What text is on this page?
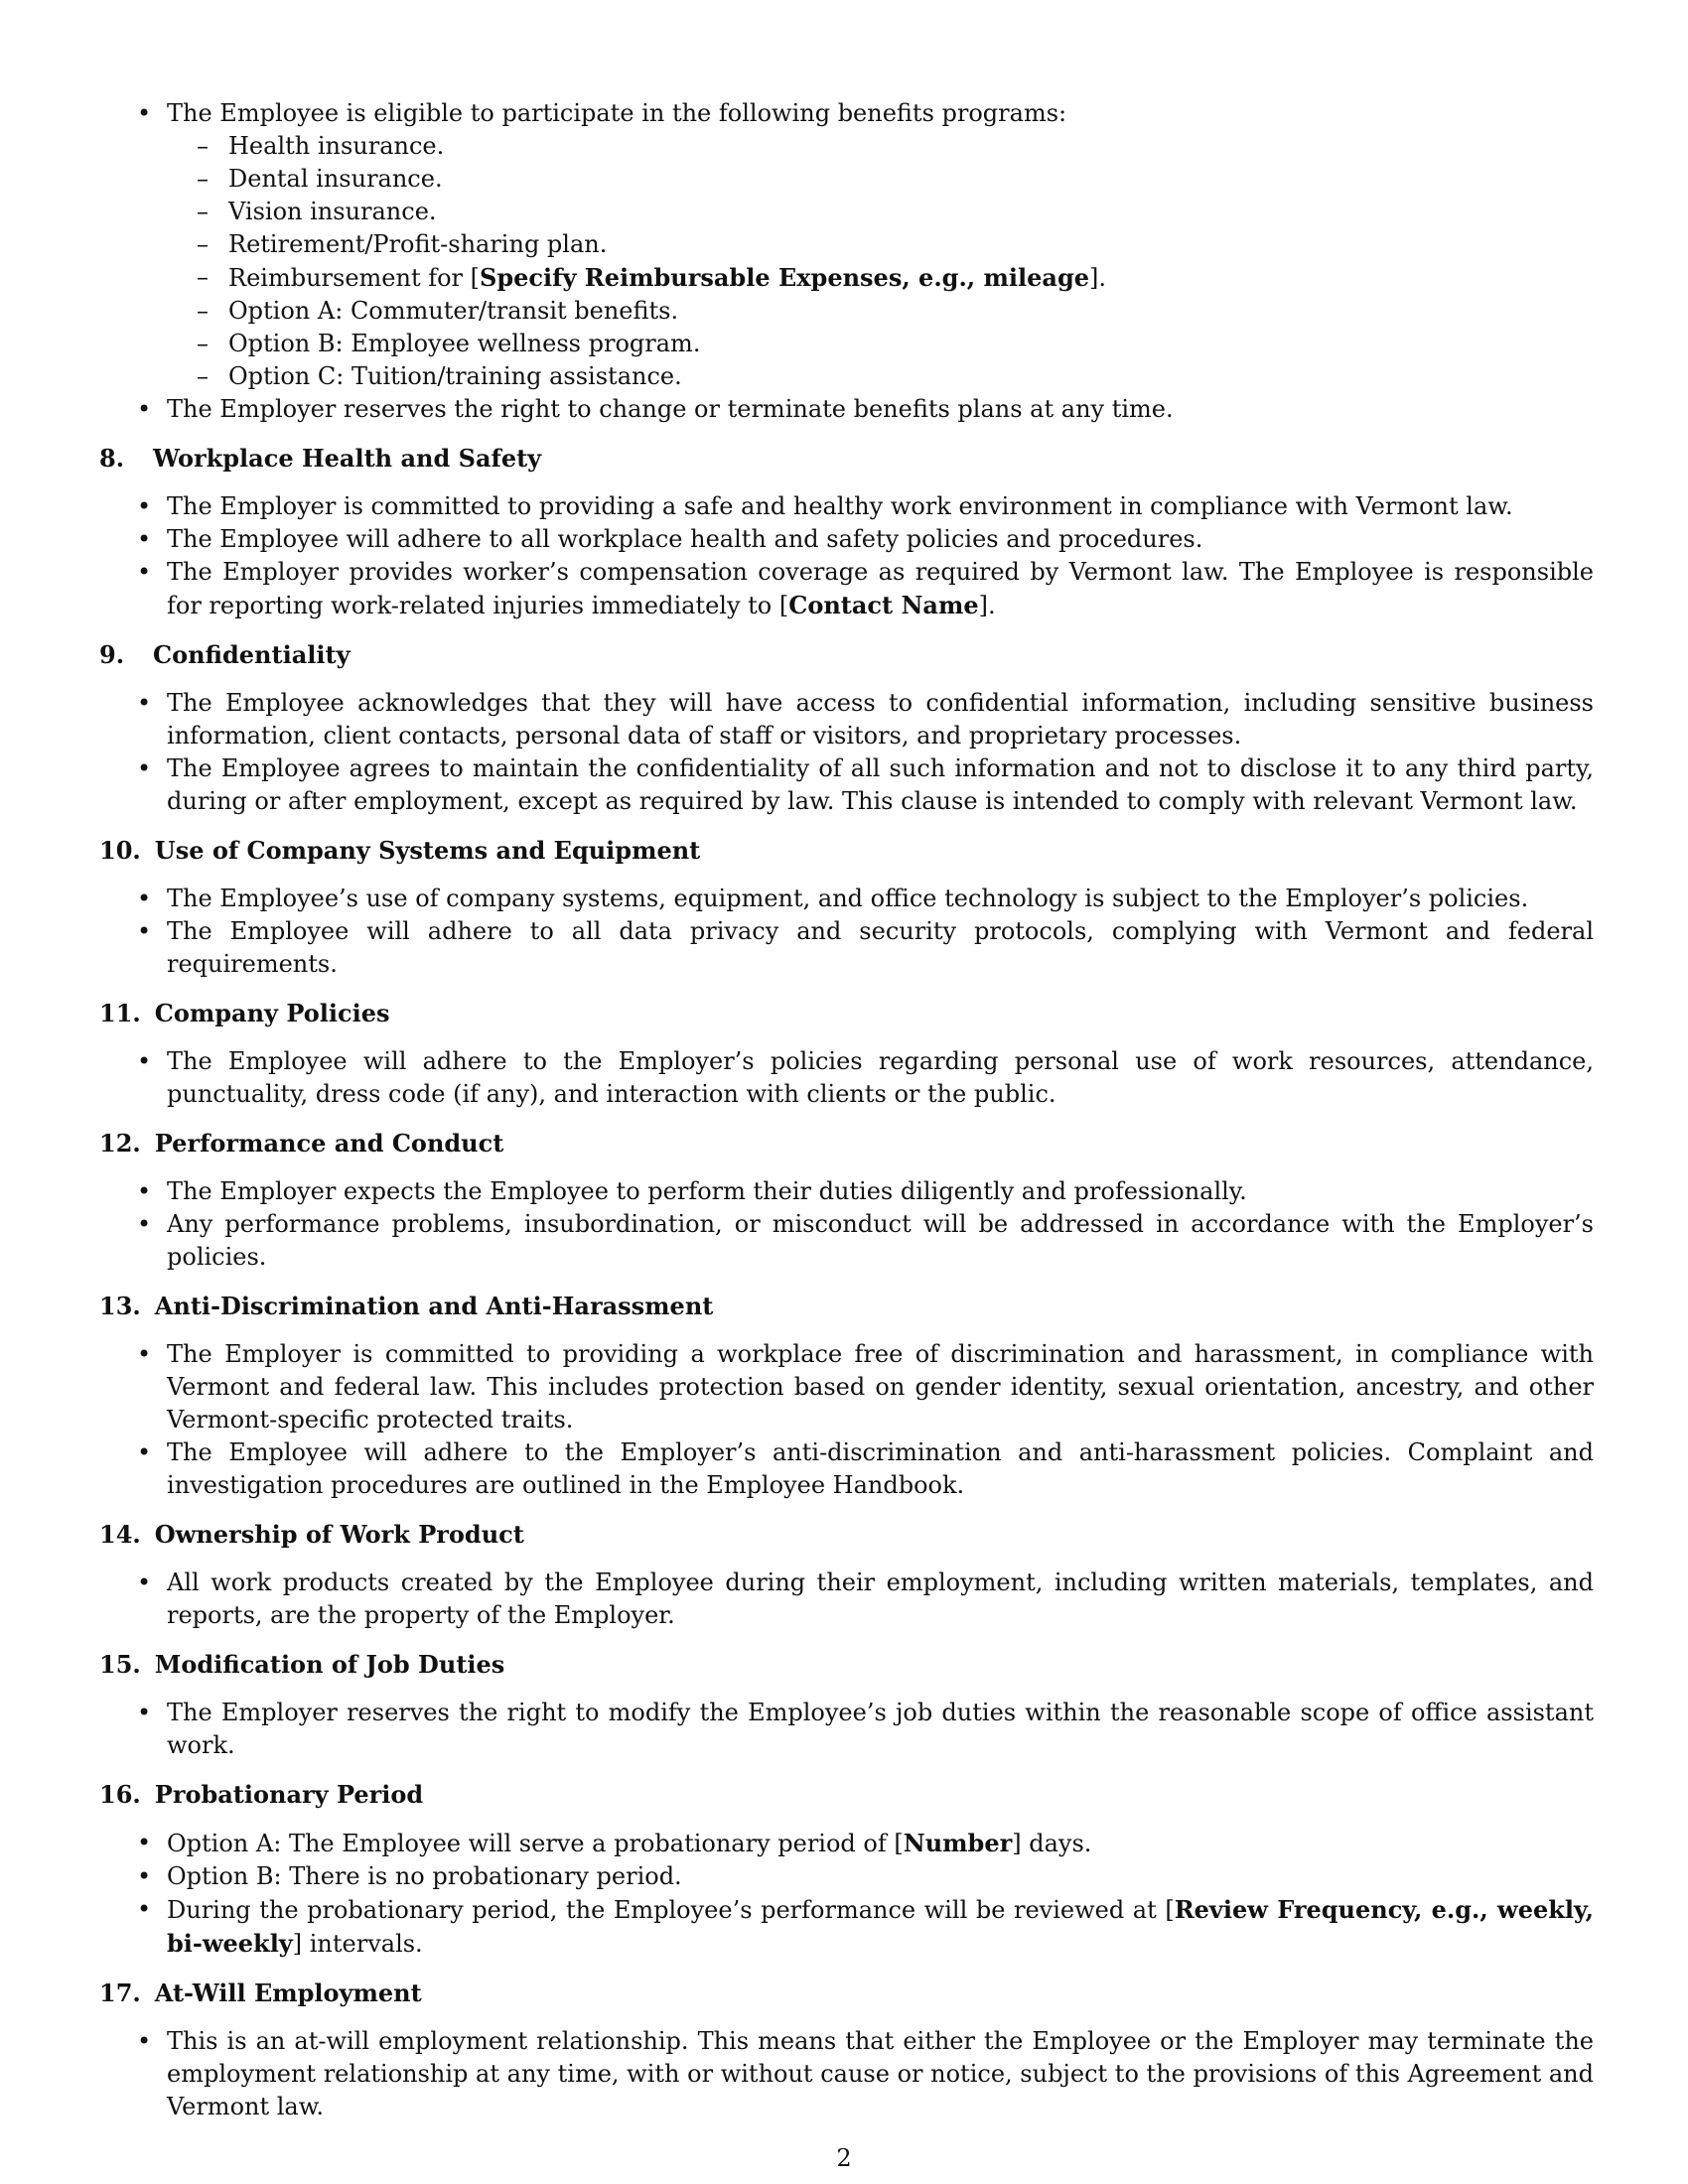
• The Employee is eligible to participate in the following benefits programs:
– Health insurance.
– Dental insurance.
– Vision insurance.
– Retirement/Profit-sharing plan.
– Reimbursement for [Specify Reimbursable Expenses, e.g., mileage].
– Option A: Commuter/transit benefits.
– Option B: Employee wellness program.
– Option C: Tuition/training assistance.
• The Employer reserves the right to change or terminate benefits plans at any time.
8.	Workplace Health and Safety
• The Employer is committed to providing a safe and healthy work environment in compliance with Vermont law.
• The Employee will adhere to all workplace health and safety policies and procedures.
• The Employer provides worker’s compensation coverage as required by Vermont law. The Employee is responsible for reporting work-related injuries immediately to [Contact Name].
9.	Confidentiality
• The Employee acknowledges that they will have access to confidential information, including sensitive business information, client contacts, personal data of staff or visitors, and proprietary processes.
• The Employee agrees to maintain the confidentiality of all such information and not to disclose it to any third party, during or after employment, except as required by law. This clause is intended to comply with relevant Vermont law.
10. Use of Company Systems and Equipment
• The Employee’s use of company systems, equipment, and office technology is subject to the Employer’s policies.
• The Employee will adhere to all data privacy and security protocols, complying with Vermont and federal requirements.
11. Company Policies
• The Employee will adhere to the Employer’s policies regarding personal use of work resources, attendance, punctuality, dress code (if any), and interaction with clients or the public.
12. Performance and Conduct
• The Employer expects the Employee to perform their duties diligently and professionally.
• Any performance problems, insubordination, or misconduct will be addressed in accordance with the Employer’s policies.
13. Anti-Discrimination and Anti-Harassment
• The Employer is committed to providing a workplace free of discrimination and harassment, in compliance with Vermont and federal law. This includes protection based on gender identity, sexual orientation, ancestry, and other Vermont-specific protected traits.
• The Employee will adhere to the Employer’s anti-discrimination and anti-harassment policies. Complaint and investigation procedures are outlined in the Employee Handbook.
14. Ownership of Work Product
• All work products created by the Employee during their employment, including written materials, templates, and reports, are the property of the Employer.
15. Modification of Job Duties
• The Employer reserves the right to modify the Employee’s job duties within the reasonable scope of office assistant work.
16. Probationary Period
• Option A: The Employee will serve a probationary period of [Number] days.
• Option B: There is no probationary period.
• During the probationary period, the Employee’s performance will be reviewed at [Review Frequency, e.g., weekly, bi-weekly] intervals.
17. At-Will Employment
• This is an at-will employment relationship. This means that either the Employee or the Employer may terminate the employment relationship at any time, with or without cause or notice, subject to the provisions of this Agreement and Vermont law.
2
